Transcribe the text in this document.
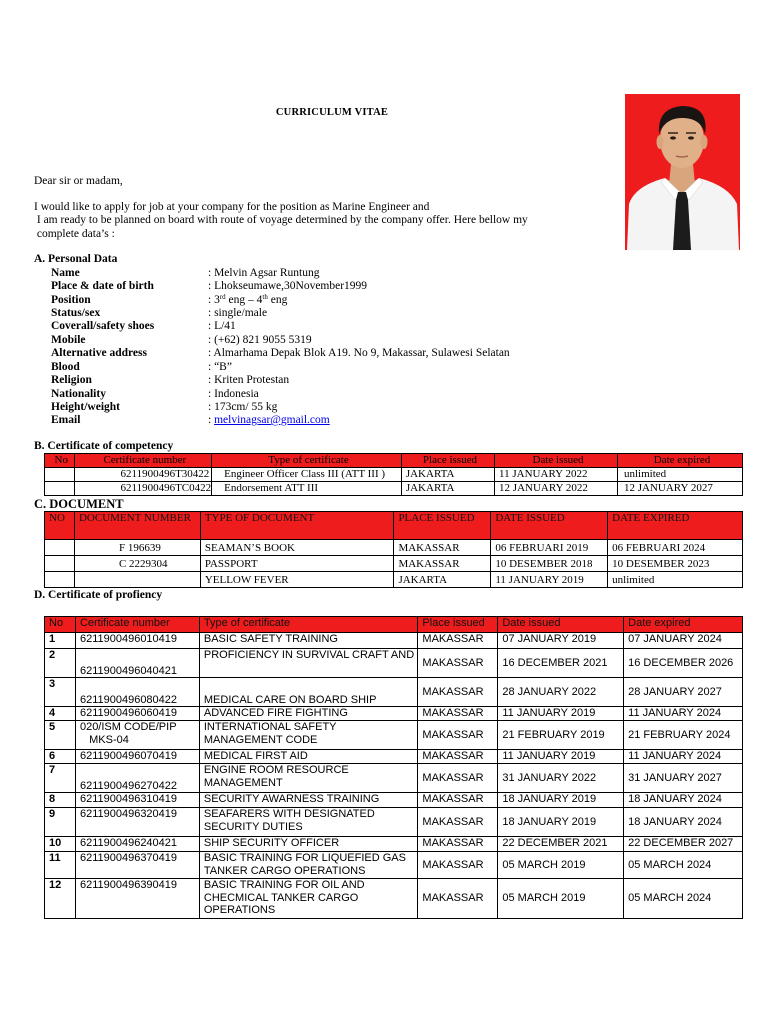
CURRICULUM VITAE
Dear sir or madam,
I would like to apply for job at your company for the position as Marine Engineer and
I am ready to be planned on board with route of voyage determined by the company offer. Here bellow my
complete data’s :
A. Personal Data
Name	: Melvin Agsar Runtung
Place & date of birth	: Lhokseumawe,30November1999
Position	: 3rd eng – 4th eng
Status/sex	: single/male
Coverall/safety shoes	: L/41
Mobile	: (+62) 821 9055 5319
Alternative address	: Almarhama Depak Blok A19. No 9, Makassar, Sulawesi Selatan
Blood	: “B”
Religion	: Kriten Protestan
Nationality	: Indonesia
Height/weight	: 173cm/ 55 kg
Email	: melvinagsar@gmail.com
B. Certificate of competency
No	Certificate number	Type of certificate	Place issued	Date issued	Date expired
	6211900496T30422	Engineer Officer Class III (ATT III )	JAKARTA	11 JANUARY 2022	unlimited
	6211900496TC0422	Endorsement ATT III	JAKARTA	12 JANUARY 2022	12 JANUARY 2027
C. DOCUMENT
NO	DOCUMENT NUMBER	TYPE OF DOCUMENT	PLACE ISSUED	DATE ISSUED	DATE EXPIRED
	F 196639	SEAMAN’S BOOK	MAKASSAR	06 FEBRUARI 2019	06 FEBRUARI 2024
	C 2229304	PASSPORT	MAKASSAR	10 DESEMBER 2018	10 DESEMBER 2023
		YELLOW FEVER	JAKARTA	11 JANUARY 2019	unlimited
D. Certificate of profiency
No	Certificate number	Type of certificate	Place issued	Date issued	Date expired
1	6211900496010419	BASIC SAFETY TRAINING	MAKASSAR	07 JANUARY 2019	07 JANUARY 2024
2	6211900496040421	PROFICIENCY IN SURVIVAL CRAFT AND	MAKASSAR	16 DECEMBER 2021	16 DECEMBER 2026
3	6211900496080422	MEDICAL CARE ON BOARD SHIP	MAKASSAR	28 JANUARY 2022	28 JANUARY 2027
4	6211900496060419	ADVANCED FIRE FIGHTING	MAKASSAR	11 JANUARY 2019	11 JANUARY 2024
5	020/ISM CODE/PIP
MKS-04	INTERNATIONAL SAFETY MANAGEMENT CODE	MAKASSAR	21 FEBRUARY 2019	21 FEBRUARY 2024
6	6211900496070419	MEDICAL FIRST AID	MAKASSAR	11 JANUARY 2019	11 JANUARY 2024
7	6211900496270422	ENGINE ROOM RESOURCE MANAGEMENT	MAKASSAR	31 JANUARY 2022	31 JANUARY 2027
8	6211900496310419	SECURITY AWARNESS TRAINING	MAKASSAR	18 JANUARY 2019	18 JANUARY 2024
9	6211900496320419	SEAFARERS WITH DESIGNATED SECURITY DUTIES	MAKASSAR	18 JANUARY 2019	18 JANUARY 2024
10	6211900496240421	SHIP SECURITY OFFICER	MAKASSAR	22 DECEMBER 2021	22 DECEMBER 2027
11	6211900496370419	BASIC TRAINING FOR LIQUEFIED GAS TANKER CARGO OPERATIONS	MAKASSAR	05 MARCH 2019	05 MARCH 2024
12	6211900496390419	BASIC TRAINING FOR OIL AND CHECMICAL TANKER CARGO OPERATIONS	MAKASSAR	05 MARCH 2019	05 MARCH 2024
